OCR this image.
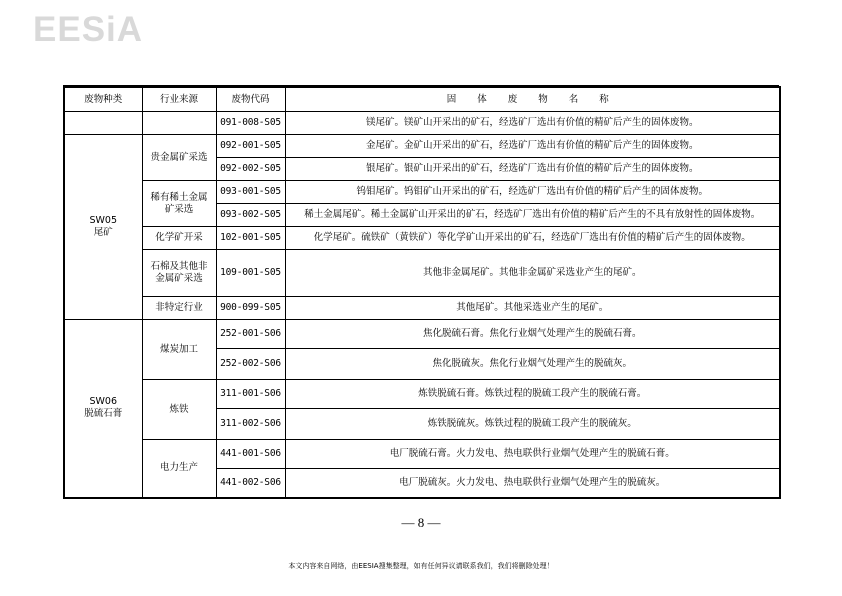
EESiA
废物种类	行业来源	废物代码	固 体 废 物 名 称
		091-008-S05	镁尾矿。镁矿山开采出的矿石，经选矿厂选出有价值的精矿后产生的固体废物。

SW05
尾矿	贵金属矿采选	092-001-S05	金尾矿。金矿山开采出的矿石，经选矿厂选出有价值的精矿后产生的固体废物。
		092-002-S05	银尾矿。银矿山开采出的矿石，经选矿厂选出有价值的精矿后产生的固体废物。

	稀有稀土金属矿采选	093-001-S05	钨钼尾矿。钨钼矿山开采出的矿石，经选矿厂选出有价值的精矿后产生的固体废物。
		093-002-S05	稀土金属尾矿。稀土金属矿山开采出的矿石，经选矿厂选出有价值的精矿后产生的不具有放射性的固体废物。
	化学矿开采	102-001-S05	化学尾矿。硫铁矿（黄铁矿）等化学矿山开采出的矿石，经选矿厂选出有价值的精矿后产生的固体废物。

	石棉及其他非金属矿采选	109-001-S05	其他非金属尾矿。其他非金属矿采选业产生的尾矿。
	非特定行业	900-099-S05	其他尾矿。其他采选业产生的尾矿。

SW06
脱硫石膏	煤炭加工	252-001-S06	焦化脱硫石膏。焦化行业烟气处理产生的脱硫石膏。
		252-002-S06	焦化脱硫灰。焦化行业烟气处理产生的脱硫灰。
	炼铁	311-001-S06	炼铁脱硫石膏。炼铁过程的脱硫工段产生的脱硫石膏。
		311-002-S06	炼铁脱硫灰。炼铁过程的脱硫工段产生的脱硫灰。
	电力生产	441-001-S06	电厂脱硫石膏。火力发电、热电联供行业烟气处理产生的脱硫石膏。
		441-002-S06	电厂脱硫灰。火力发电、热电联供行业烟气处理产生的脱硫灰。
— 8 —
本文内容来自网络，由EESIA搜集整理，如有任何异议请联系我们，我们将删除处理！
